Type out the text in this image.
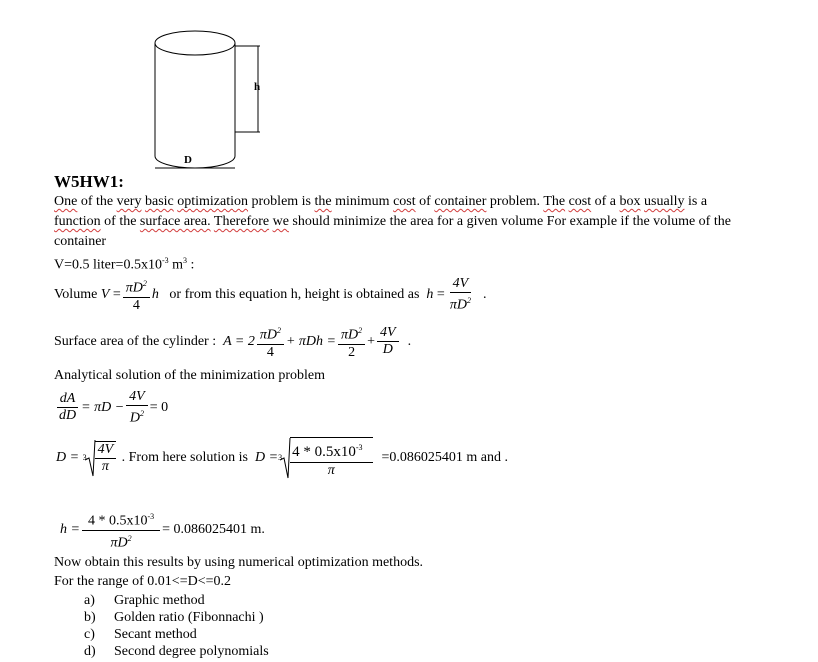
h
D
W5HW1:
One of the very basic optimization problem is the minimum cost of container problem. The cost of a box usually is a
function of the surface area. Therefore we should minimize the area for a given volume For example if the volume of the
container
V=0.5 $liter=0.5x10^{-3}$ $m^3$ :
Volume
V
= $\frac{\pi D^2}{4}$ h
or from this equation h, height is obtained as
$h = \frac{4V}{\pi D^2}$
.
Surface area of the cylinder :
$A = 2 \frac{\pi D^2}{4} + \pi Dh = \frac{\pi D^2}{2} + \frac{4V}{D}$
.
Analytical solution of the minimization problem
$\frac{dA}{dD} = \pi D - \frac{4V}{D^2} = 0$
D =
$3 \frac{4V}{\pi}$
. From here solution is
$D = 3 \frac{4 * 0.5x10^{-3}}{\pi}$
=0.086025401 m and .
$h = \frac{4 * 0.5x10^{-3}}{\pi D^2} = 0.086025401$ m.
Now obtain this results by using numerical optimization methods.
For the range of 0.01<=D<=0.2
a) Graphic method
b) Golden ratio (Fibonnachi )
c) Secant method
d) Second degree polynomials
